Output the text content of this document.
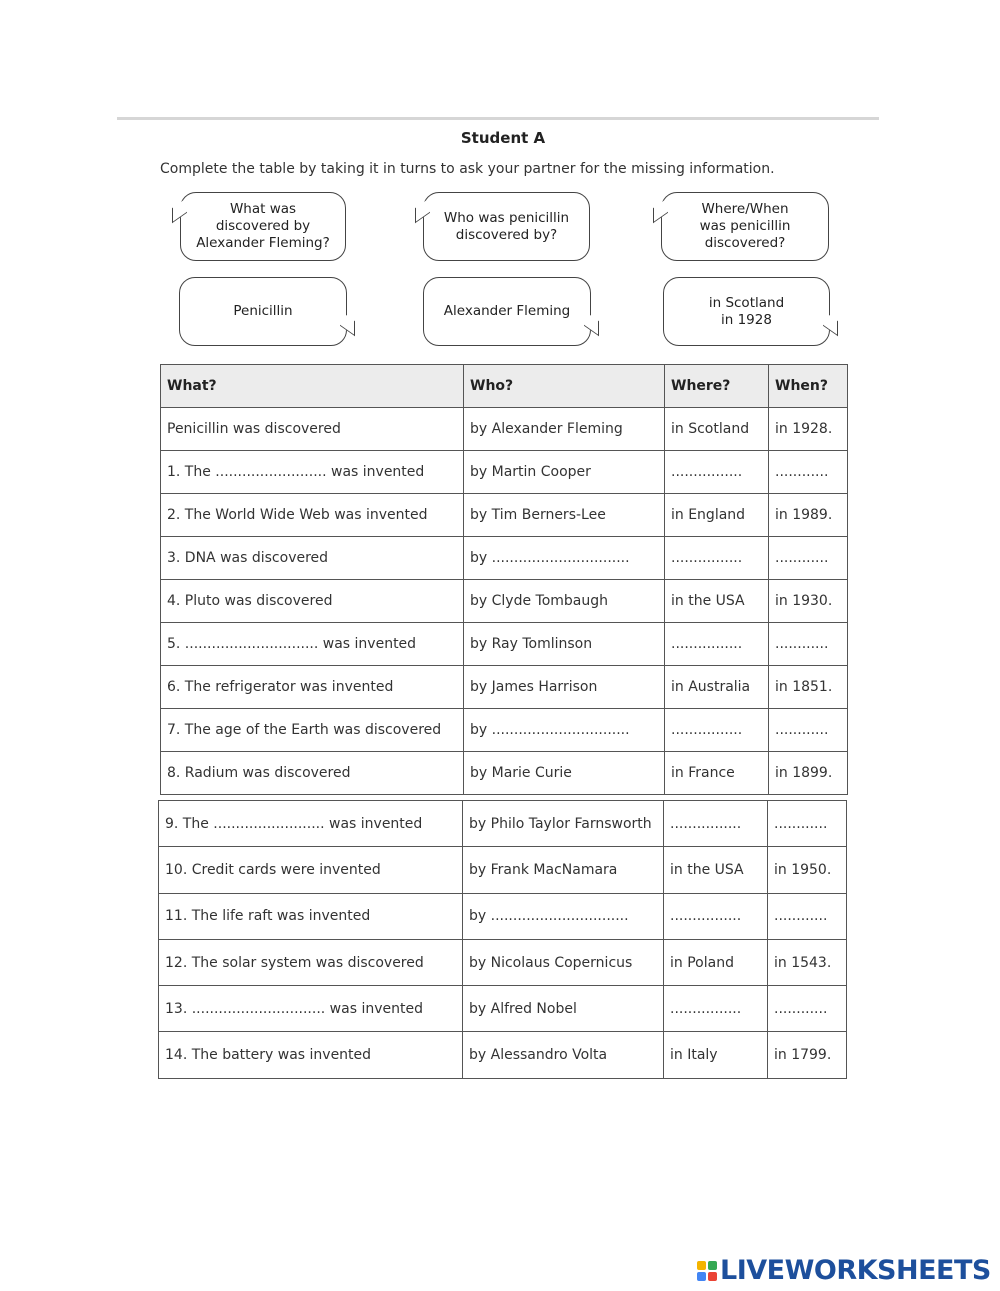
Student A
Complete the table by taking it in turns to ask your partner for the missing information.
What was
discovered by
Alexander Fleming?
Who was penicillin
discovered by?
Where/When
was penicillin
discovered?
Penicillin	Alexander Fleming
in Scotland
in 1928
What?	Who?	Where?	When?
Penicillin was discovered	by Alexander Fleming	in Scotland	in 1928.
1. The ......................... was invented	by Martin Cooper	................	............
2. The World Wide Web was invented	by Tim Berners-Lee	in England	in 1989.
3. DNA was discovered	by ...............................	................	............
4. Pluto was discovered	by Clyde Tombaugh	in the USA	in 1930.
5. .............................. was invented	by Ray Tomlinson	................	............
6. The refrigerator was invented	by James Harrison	in Australia	in 1851.
7. The age of the Earth was discovered	by ...............................	................	............
8. Radium was discovered	by Marie Curie	in France	in 1899.
9. The ......................... was invented	by Philo Taylor Farnsworth	................	............
10. Credit cards were invented	by Frank MacNamara	in the USA	in 1950.
11. The life raft was invented	by ...............................	................	............
12. The solar system was discovered	by Nicolaus Copernicus	in Poland	in 1543.
13. .............................. was invented	by Alfred Nobel	................	............
14. The battery was invented	by Alessandro Volta	in Italy	in 1799.
LIVEWORKSHEETS
